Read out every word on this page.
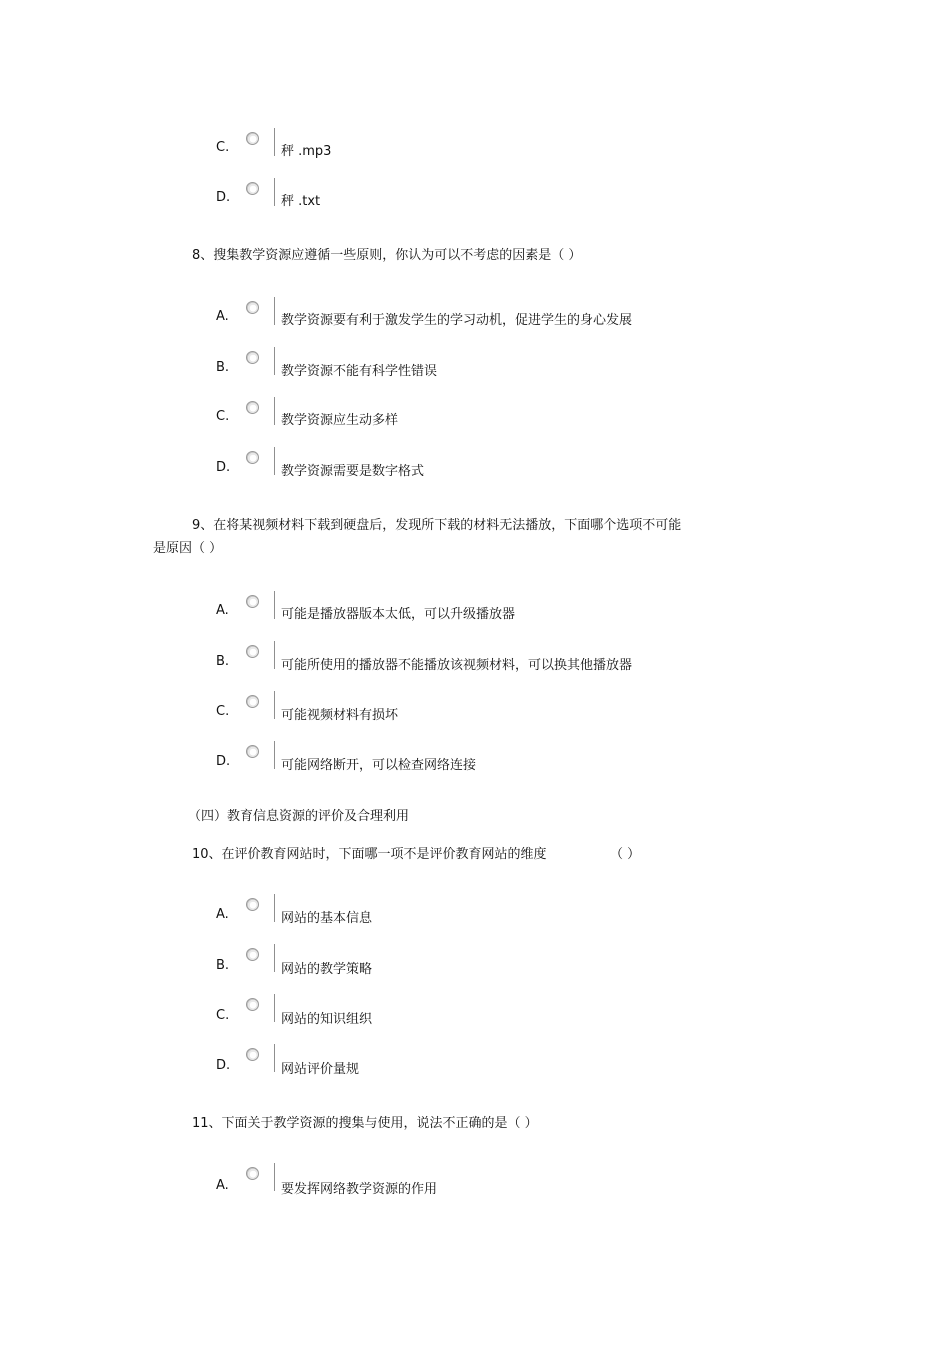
C.	秤 .mp3
D.	秤 .txt
8、搜集教学资源应遵循一些原则，你认为可以不考虑的因素是（ ）
A.	教学资源要有利于激发学生的学习动机，促进学生的身心发展
B.	教学资源不能有科学性错误
C.	教学资源应生动多样
D.	教学资源需要是数字格式
9、在将某视频材料下载到硬盘后，发现所下载的材料无法播放，下面哪个选项不可能
是原因（ ）
A.	可能是播放器版本太低，可以升级播放器
B.	可能所使用的播放器不能播放该视频材料，可以换其他播放器
C.	可能视频材料有损坏
D.	可能网络断开，可以检查网络连接
（四）教育信息资源的评价及合理利用
10、在评价教育网站时，下面哪一项不是评价教育网站的维度	（ ）
A.	网站的基本信息
B.	网站的教学策略
C.	网站的知识组织
D.	网站评价量规
11、下面关于教学资源的搜集与使用，说法不正确的是（ ）
A.	要发挥网络教学资源的作用
